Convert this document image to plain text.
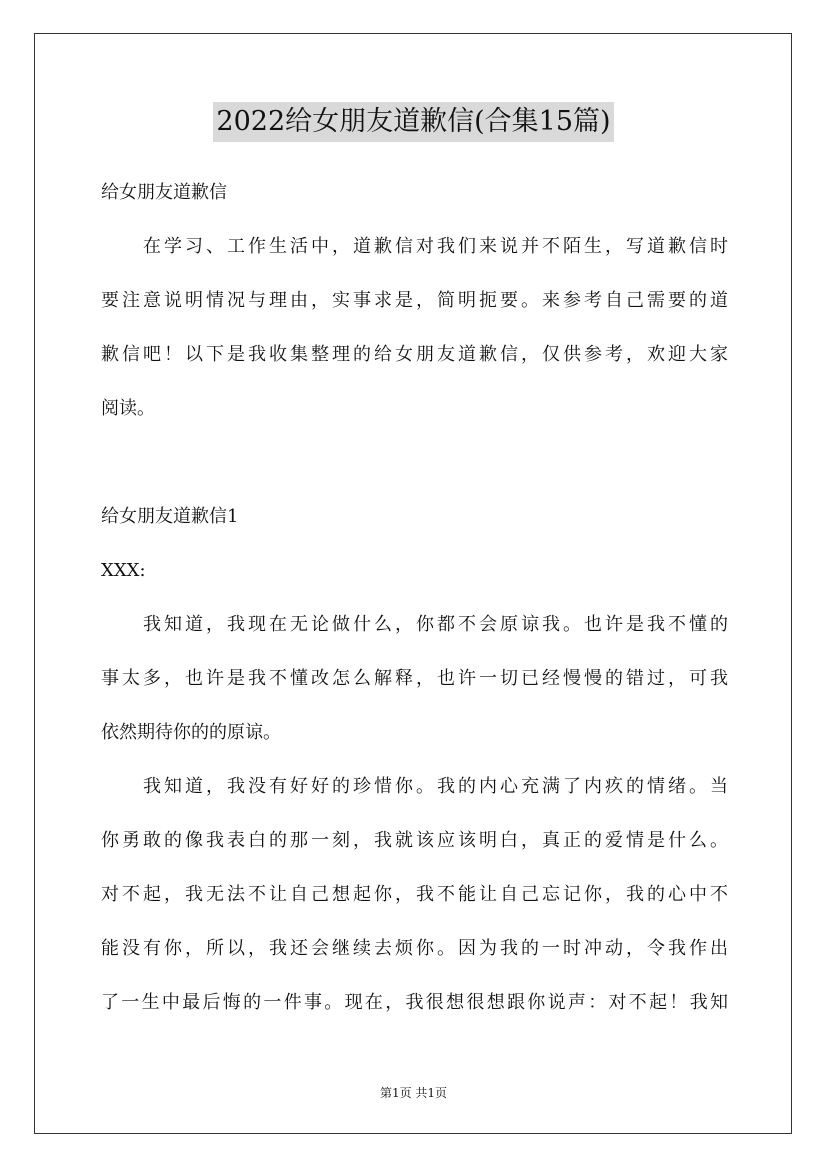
2022给女朋友道歉信(合集15篇)
给女朋友道歉信
在学习、工作生活中，道歉信对我们来说并不陌生，写道歉信时
要注意说明情况与理由，实事求是，简明扼要。来参考自己需要的道
歉信吧！以下是我收集整理的给女朋友道歉信，仅供参考，欢迎大家
阅读。
给女朋友道歉信1
XXX:
我知道，我现在无论做什么，你都不会原谅我。也许是我不懂的
事太多，也许是我不懂改怎么解释，也许一切已经慢慢的错过，可我
依然期待你的的原谅。
我知道，我没有好好的珍惜你。我的内心充满了内疚的情绪。当
你勇敢的像我表白的那一刻，我就该应该明白，真正的爱情是什么。
对不起，我无法不让自己想起你，我不能让自己忘记你，我的心中不
能没有你，所以，我还会继续去烦你。因为我的一时冲动，令我作出
了一生中最后悔的一件事。现在，我很想很想跟你说声：对不起！我知
第1页 共1页
